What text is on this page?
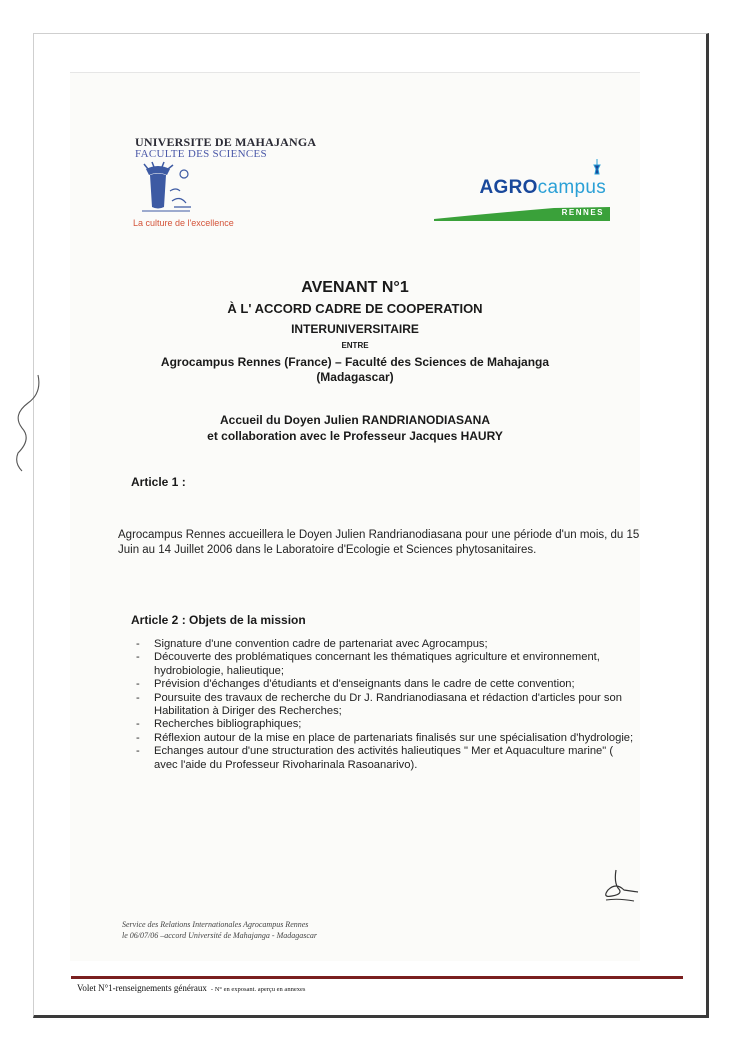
UNIVERSITE DE MAHAJANGA
FACULTE DES SCIENCES
La culture de l'excellence
AGROcampus
RENNES
AVENANT N°1
À L' ACCORD CADRE DE COOPERATION
INTERUNIVERSITAIRE
ENTRE
Agrocampus Rennes (France) – Faculté des Sciences de Mahajanga
(Madagascar)
Accueil du Doyen Julien RANDRIANODIASANA
et collaboration avec le Professeur Jacques HAURY
Article 1 :
Agrocampus Rennes accueillera le Doyen Julien Randrianodiasana pour une période d'un mois, du 15 Juin au 14 Juillet 2006 dans le Laboratoire d'Ecologie et Sciences phytosanitaires.
Article 2 : Objets de la mission
- Signature d'une convention cadre de partenariat avec Agrocampus;
- Découverte des problématiques concernant les thématiques agriculture et environnement, hydrobiologie, halieutique;
- Prévision d'échanges d'étudiants et d'enseignants dans le cadre de cette convention;
- Poursuite des travaux de recherche du Dr J. Randrianodiasana et rédaction d'articles pour son Habilitation à Diriger des Recherches;
- Recherches bibliographiques;
- Réflexion autour de la mise en place de partenariats finalisés sur une spécialisation d'hydrologie;
- Echanges autour d'une structuration des activités halieutiques " Mer et Aquaculture marine" ( avec l'aide du Professeur Rivoharinala Rasoanarivo).
Service des Relations Internationales Agrocampus Rennes
le 06/07/06 –accord Université de Mahajanga - Madagascar
Volet N°1-renseignements généraux - N° en exposant. aperçu en annexes
